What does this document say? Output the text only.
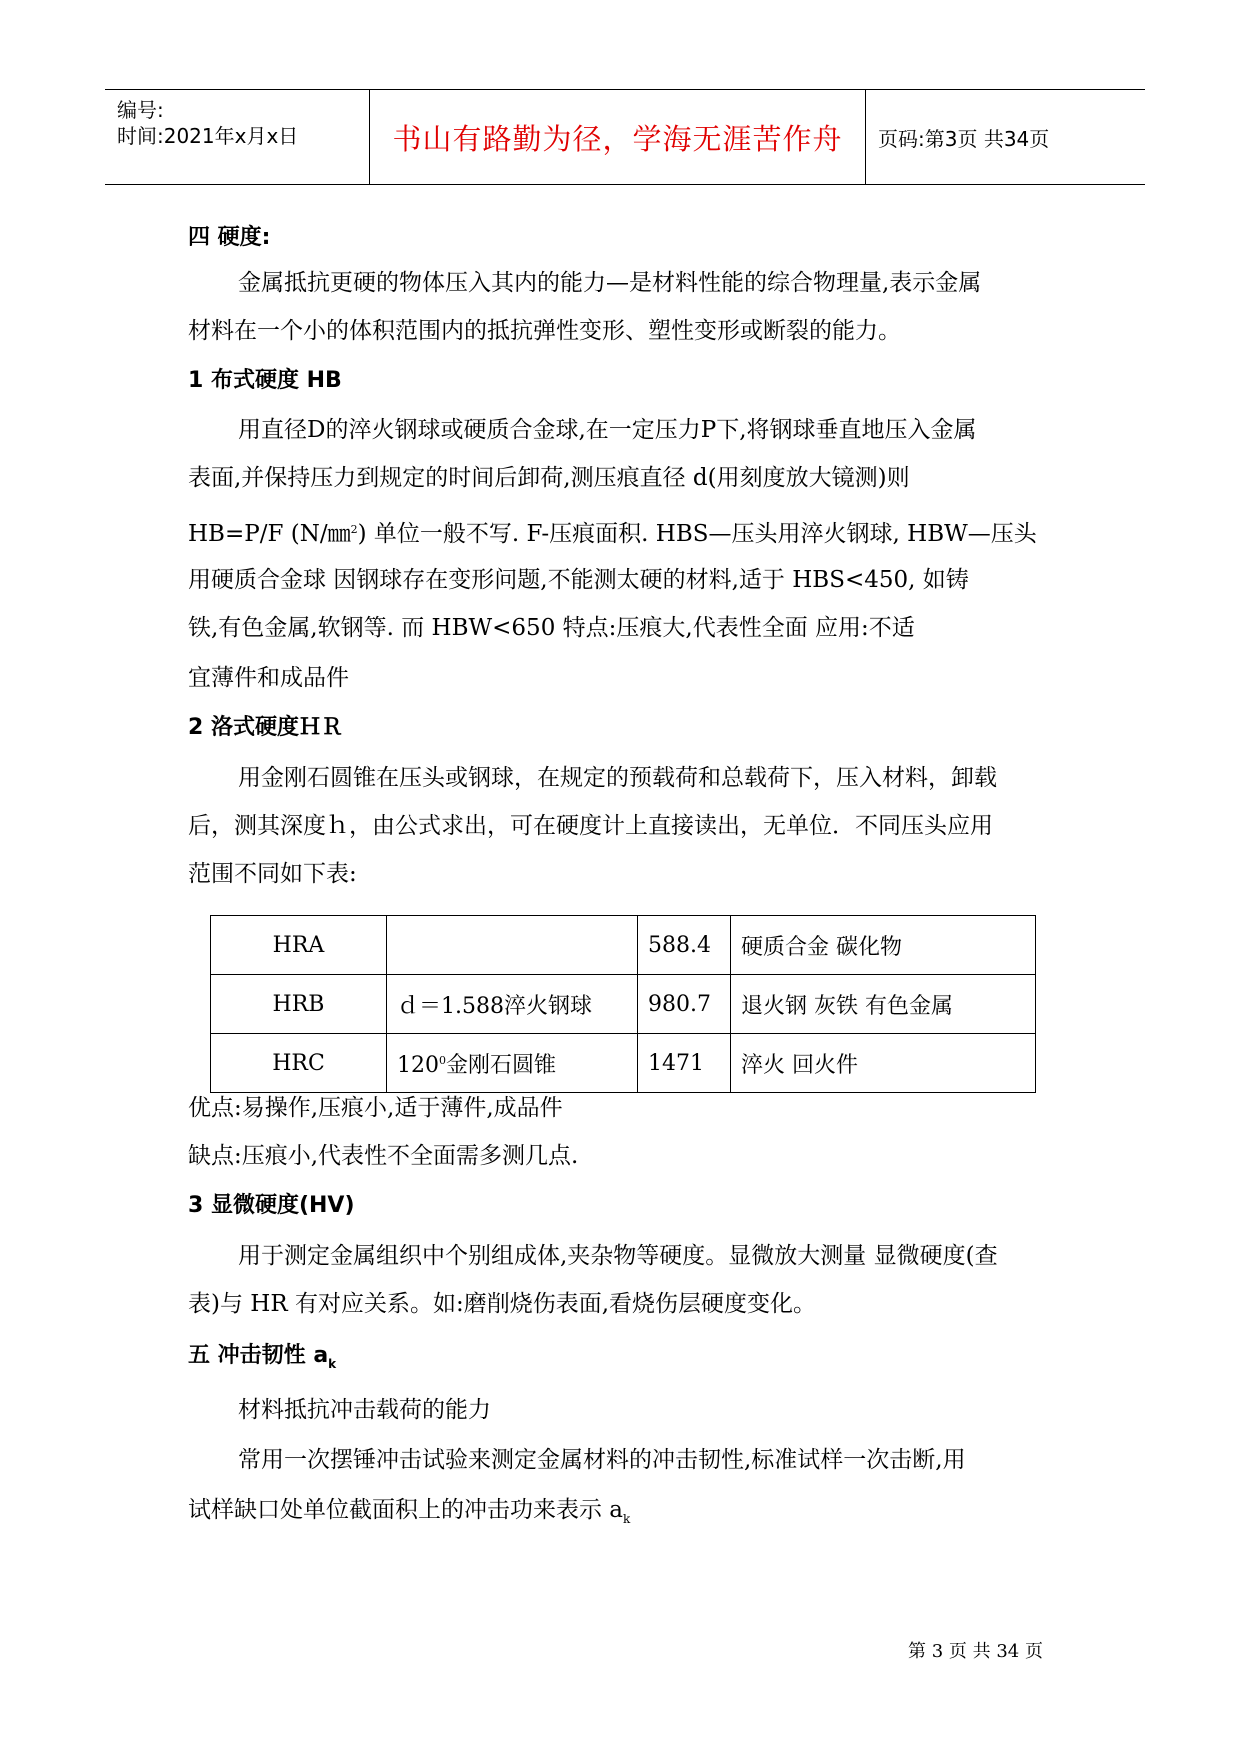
编号:
时间:2021年x月x日	书山有路勤为径，学海无涯苦作舟 页码:第3页 共34页
四 硬度:
金属抵抗更硬的物体压入其内的能力—是材料性能的综合物理量,表示金属
材料在一个小的体积范围内的抵抗弹性变形、塑性变形或断裂的能力。
1 布式硬度 HB
用直径D的淬火钢球或硬质合金球,在一定压力P下,将钢球垂直地压入金属
表面,并保持压力到规定的时间后卸荷,测压痕直径 d(用刻度放大镜测)则
HB=P/F (N/㎜$^2$) 单位一般不写. F-压痕面积. HBS—压头用淬火钢球, HBW—压头
用硬质合金球 因钢球存在变形问题,不能测太硬的材料,适于 HBS<450, 如铸
铁,有色金属,软钢等. 而 HBW<650 特点:压痕大,代表性全面 应用:不适
宜薄件和成品件
2 洛式硬度ＨＲ
用金刚石圆锥在压头或钢球，在规定的预载荷和总载荷下，压入材料，卸载
后，测其深度ｈ，由公式求出，可在硬度计上直接读出，无单位．不同压头应用
范围不同如下表:
优点:易操作,压痕小,适于薄件,成品件
缺点:压痕小,代表性不全面需多测几点.
3 显微硬度(HV)
用于测定金属组织中个别组成体,夹杂物等硬度。显微放大测量 显微硬度(查
表)与 HR 有对应关系。如:磨削烧伤表面,看烧伤层硬度变化。
五 冲击韧性 $a_k$
材料抵抗冲击载荷的能力
常用一次摆锤冲击试验来测定金属材料的冲击韧性,标准试样一次击断,用
试样缺口处单位截面积上的冲击功来表示 $a_k$
HRA		588.4	硬质合金 碳化物
HRB	ｄ＝1.588淬火钢球	980.7	退火钢 灰铁 有色金属
HRC	$120^0$金刚石圆锥	1471	淬火 回火件
第 3 页 共 34 页
